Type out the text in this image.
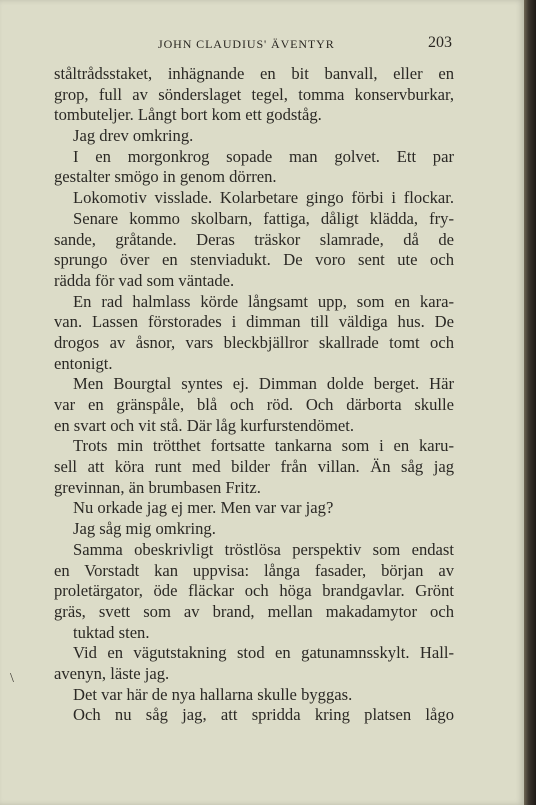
JOHN CLAUDIUS' ÄVENTYR	203
ståltrådsstaket, inhägnande en bit banvall, eller en
grop, full av sönderslaget tegel, tomma konservburkar,
tombuteljer. Långt bort kom ett godståg.
Jag drev omkring.
I en morgonkrog sopade man golvet. Ett par
gestalter smögo in genom dörren.
Lokomotiv visslade. Kolarbetare gingo förbi i flockar.
Senare kommo skolbarn, fattiga, dåligt klädda, fry-
sande, gråtande. Deras träskor slamrade, då de
sprungo över en stenviadukt. De voro sent ute och
rädda för vad som väntade.
En rad halmlass körde långsamt upp, som en kara-
van. Lassen förstorades i dimman till väldiga hus. De
drogos av åsnor, vars bleckbjällror skallrade tomt och
entonigt.
Men Bourgtal syntes ej. Dimman dolde berget. Här
var en gränspåle, blå och röd. Och därborta skulle
en svart och vit stå. Där låg kurfurstendömet.
Trots min trötthet fortsatte tankarna som i en karu-
sell att köra runt med bilder från villan. Än såg jag
grevinnan, än brumbasen Fritz.
Nu orkade jag ej mer. Men var var jag?
Jag såg mig omkring.
Samma obeskrivligt tröstlösa perspektiv som endast
en Vorstadt kan uppvisa: långa fasader, början av
proletärgator, öde fläckar och höga brandgavlar. Grönt
gräs, svett som av brand, mellan makadamytor och
tuktad sten.
Vid en vägutstakning stod en gatunamnsskylt. Hall-
avenyn, läste jag.
Det var här de nya hallarna skulle byggas.
Och nu såg jag, att spridda kring platsen lågo
\
